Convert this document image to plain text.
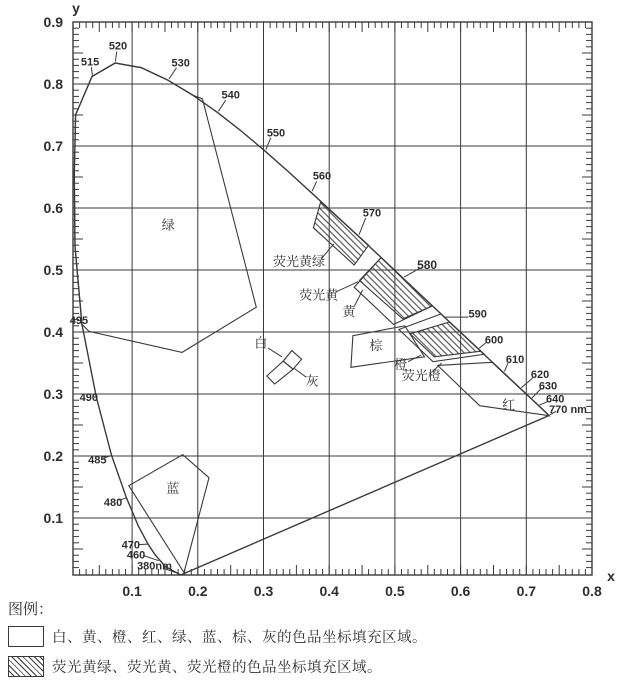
515
520
530
540
550
560
570
580
590
600
610
620
630
640
770 nm
495
490
485
480
470
460
380nm
绿
蓝
白
灰
黄
荧光黄
荧光黄绿
棕
橙
荧光橙
红
0.1	0.2	0.3	0.4	0.5	0.6	0.7	0.8
0.1
0.2
0.3
0.4
0.5
0.6
0.7
0.8
0.9
y
x
图例：
白、黄、橙、红、绿、蓝、棕、灰的色品坐标填充区域。
荧光黄绿、荧光黄、荧光橙的色品坐标填充区域。
